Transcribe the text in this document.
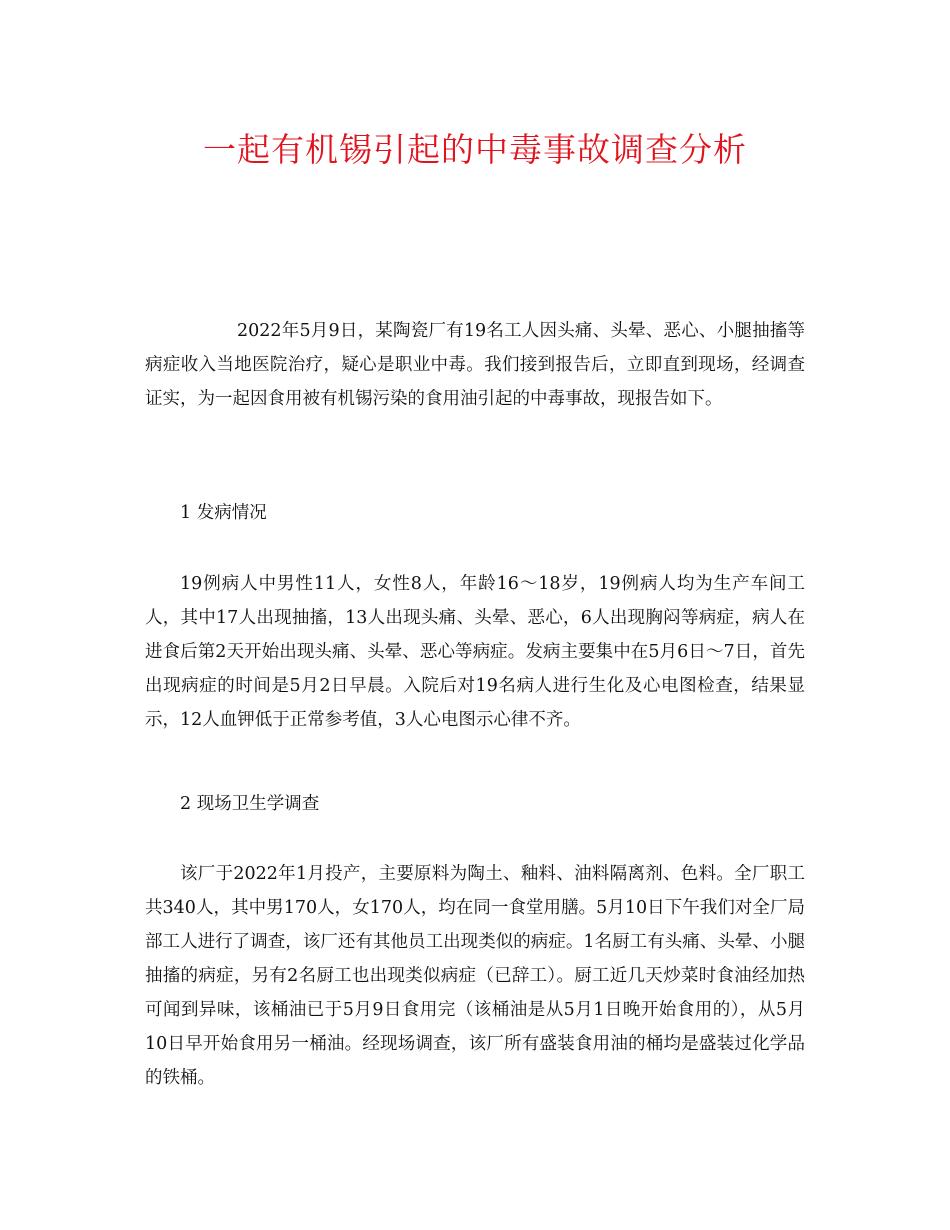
一起有机锡引起的中毒事故调查分析

2022年5月9日，某陶瓷厂有19名工人因头痛、头晕、恶心、小腿抽搐等病症收入当地医院治疗，疑心是职业中毒。我们接到报告后，立即直到现场，经调查证实，为一起因食用被有机锡污染的食用油引起的中毒事故，现报告如下。

1 发病情况

19例病人中男性11人，女性8人，年龄16～18岁，19例病人均为生产车间工人，其中17人出现抽搐，13人出现头痛、头晕、恶心，6人出现胸闷等病症，病人在进食后第2天开始出现头痛、头晕、恶心等病症。发病主要集中在5月6日～7日，首先出现病症的时间是5月2日早晨。入院后对19名病人进行生化及心电图检查，结果显示，12人血钾低于正常参考值，3人心电图示心律不齐。

2 现场卫生学调查

该厂于2022年1月投产，主要原料为陶土、釉料、油料隔离剂、色料。全厂职工共340人，其中男170人，女170人，均在同一食堂用膳。5月10日下午我们对全厂局部工人进行了调查，该厂还有其他员工出现类似的病症。1名厨工有头痛、头晕、小腿抽搐的病症，另有2名厨工也出现类似病症（已辞工）。厨工近几天炒菜时食油经加热可闻到异味，该桶油已于5月9日食用完（该桶油是从5月1日晚开始食用的），从5月10日早开始食用另一桶油。经现场调查，该厂所有盛装食用油的桶均是盛装过化学品的铁桶。
